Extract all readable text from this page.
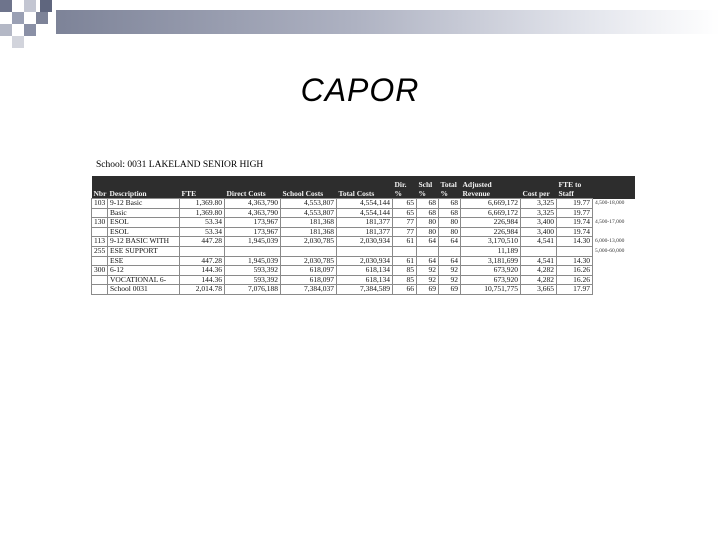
CAPOR
School: 0031 LAKELAND SENIOR HIGH
Nbr	Description	FTE	Direct Costs	School Costs	Total Costs	Dir. %	Schl %	Total %	Adjusted Revenue	Cost per	FTE to Staff	
103	9-12 Basic	1,369.80	4,363,790	4,553,807	4,554,144	65	68	68	6,669,172	3,325	19.77	4,500-18,000
	Basic	1,369.80	4,363,790	4,553,807	4,554,144	65	68	68	6,669,172	3,325	19.77	
130	ESOL	53.34	173,967	181,368	181,377	77	80	80	226,984	3,400	19.74	4,500-17,000
	ESOL	53.34	173,967	181,368	181,377	77	80	80	226,984	3,400	19.74	
113	9-12 BASIC WITH	447.28	1,945,039	2,030,785	2,030,934	61	64	64	3,170,510	4,541	14.30	6,000-13,000
255	ESE SUPPORT								11,189			5,000-60,000
	ESE	447.28	1,945,039	2,030,785	2,030,934	61	64	64	3,181,699	4,541	14.30	
300	6-12	144.36	593,392	618,097	618,134	85	92	92	673,920	4,282	16.26	
	VOCATIONAL 6-	144.36	593,392	618,097	618,134	85	92	92	673,920	4,282	16.26	
	School 0031	2,014.78	7,076,188	7,384,037	7,384,589	66	69	69	10,751,775	3,665	17.97	
